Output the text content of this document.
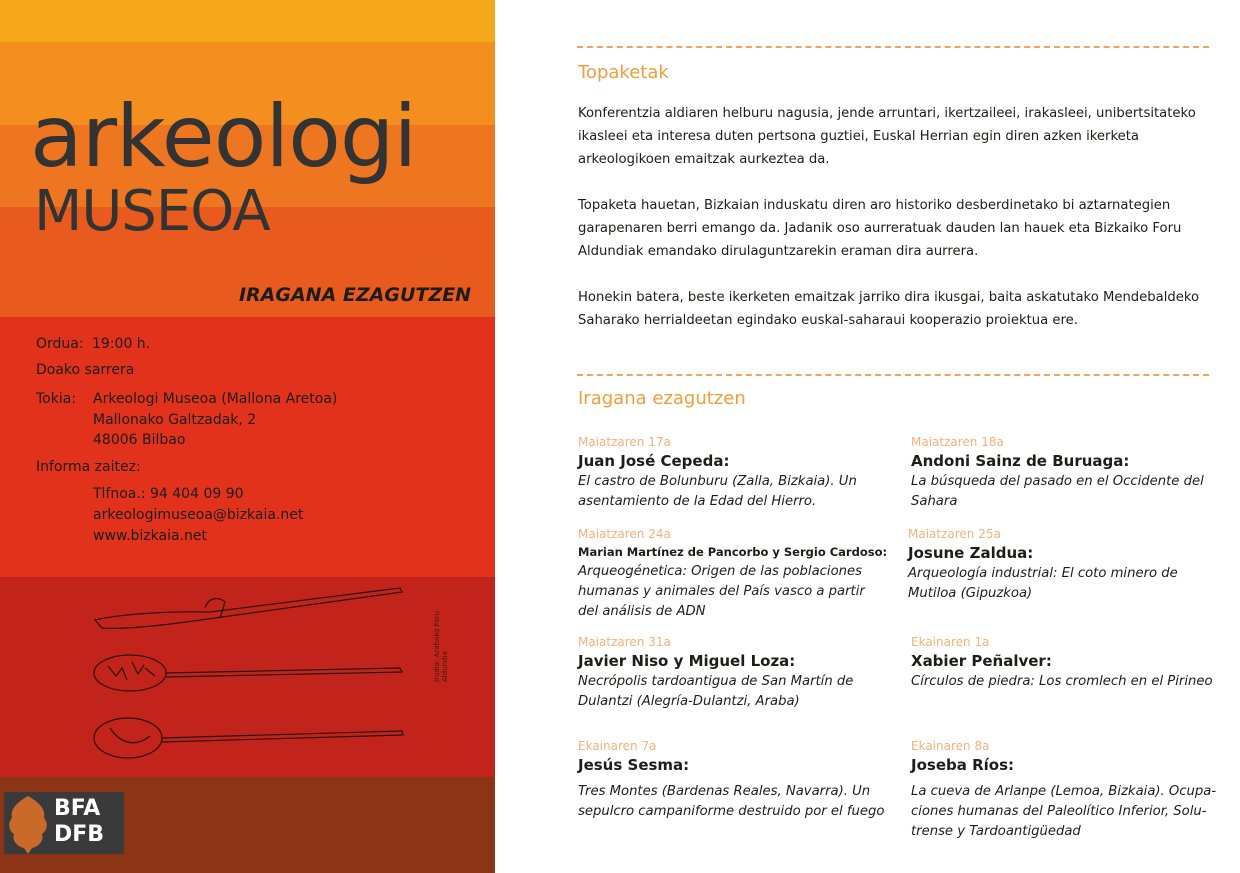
arkeologi
MUSEOA
IRAGANA EZAGUTZEN
Ordua: 19:00 h.
Doako sarrera
Tokia: Arkeologi Museoa (Mallona Aretoa)
Mallonako Galtzadak, 2
48006 Bilbao
Informa zaitez:
Tlfnoa.: 94 404 09 90
arkeologimuseoa@bizkaia.net
www.bizkaia.net
Irudia: Arabako Foru Aldundia
BFA
DFB
Topaketak
Konferentzia aldiaren helburu nagusia, jende arruntari, ikertzaileei, irakasleei, unibertsitateko ikasleei eta interesa duten pertsona guztiei, Euskal Herrian egin diren azken ikerketa arkeologikoen emaitzak aurkeztea da.
Topaketa hauetan, Bizkaian induskatu diren aro historiko desberdinetako bi aztarnategien garapenaren berri emango da. Jadanik oso aurreratuak dauden lan hauek eta Bizkaiko Foru Aldundiak emandako dirulaguntzarekin eraman dira aurrera.
Honekin batera, beste ikerketen emaitzak jarriko dira ikusgai, baita askatutako Mendebaldeko Saharako herrialdeetan egindako euskal-saharaui kooperazio proiektua ere.
Iragana ezagutzen
Maiatzaren 17a
Juan José Cepeda:
El castro de Bolunburu (Zalla, Bizkaia). Un asentamiento de la Edad del Hierro.
Maiatzaren 18a
Andoni Sainz de Buruaga:
La búsqueda del pasado en el Occidente del Sahara
Maiatzaren 24a
Marian Martínez de Pancorbo y Sergio Cardoso:
Arqueogénetica: Origen de las poblaciones humanas y animales del País vasco a partir del análisis de ADN
Maiatzaren 25a
Josune Zaldua:
Arqueología industrial: El coto minero de Mutiloa (Gipuzkoa)
Maiatzaren 31a
Javier Niso y Miguel Loza:
Necrópolis tardoantigua de San Martín de Dulantzi (Alegría-Dulantzi, Araba)
Ekainaren 1a
Xabier Peñalver:
Círculos de piedra: Los cromlech en el Pirineo
Ekainaren 7a
Jesús Sesma:
Tres Montes (Bardenas Reales, Navarra). Un sepulcro campaniforme destruido por el fuego
Ekainaren 8a
Joseba Ríos:
La cueva de Arlanpe (Lemoa, Bizkaia). Ocupa- ciones humanas del Paleolítico Inferior, Solu- trense y Tardoantigüedad
